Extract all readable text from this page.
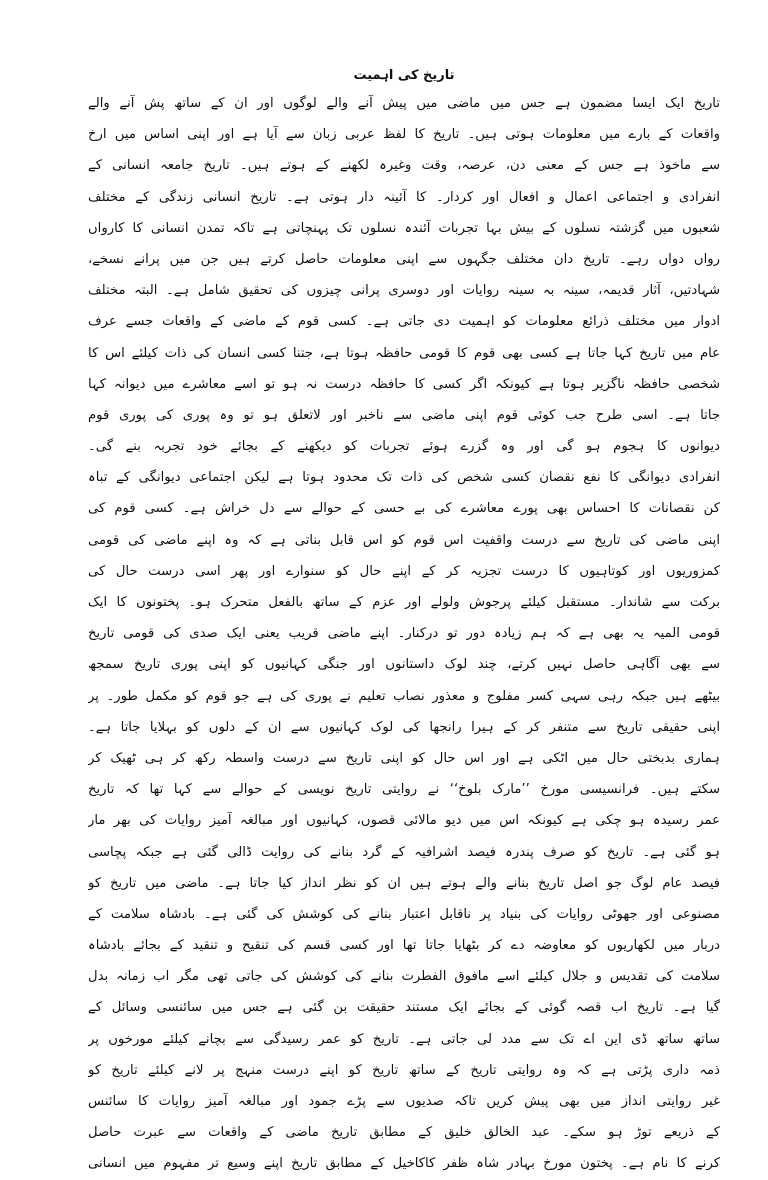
تاریخ کی اہمیت
تاریخ ایک ایسا مضمون ہے جس میں ماضی میں پیش آنے والے لوگوں اور ان کے ساتھ پش آنے والے
واقعات کے بارے میں معلومات ہوتی ہیں۔ تاریخ کا لفظ عربی زبان سے آیا ہے اور اپنی اساس میں ارخ
سے ماخوذ ہے جس کے معنی دن، عرصہ، وقت وغیرہ لکھنے کے ہوتے ہیں۔ تاریخ جامعہ انسانی کے
انفرادی و اجتماعی اعمال و افعال اور کردار۔ کا آئینہ دار ہوتی ہے۔ تاریخ انسانی زندگی کے مختلف
شعبوں میں گزشتہ نسلوں کے بیش بہا تجربات آئندہ نسلوں تک پہنچاتی ہے تاکہ تمدن انسانی کا کارواں
رواں دواں رہے۔ تاریخ دان مختلف جگہوں سے اپنی معلومات حاصل کرتے ہیں جن میں پرانے نسخے،
شہادتیں، آثار قدیمہ، سینہ بہ سینہ روایات اور دوسری پرانی چیزوں کی تحقیق شامل ہے۔ البتہ مختلف
ادوار میں مختلف ذرائع معلومات کو اہمیت دی جاتی ہے۔ کسی قوم کے ماضی کے واقعات جسے عرف
عام میں تاریخ کہا جاتا ہے کسی بھی قوم کا قومی حافظہ ہوتا ہے، جتنا کسی انسان کی ذات کیلئے اس کا
شخصی حافظہ ناگزیر ہوتا ہے کیونکہ اگر کسی کا حافظہ درست نہ ہو تو اسے معاشرے میں دیوانہ کہا
جاتا ہے۔ اسی طرح جب کوئی قوم اپنی ماضی سے ناخبر اور لاتعلق ہو تو وہ پوری کی پوری قوم
دیوانوں کا ہجوم ہو گی اور وہ گزرے ہوئے تجربات کو دیکھنے کے بجائے خود تجربہ بنے گی۔
انفرادی دیوانگی کا نفع نقصان کسی شخص کی ذات تک محدود ہوتا ہے لیکن اجتماعی دیوانگی کے تباہ
کن نقصانات کا احساس بھی پورے معاشرے کی بے حسی کے حوالے سے دل خراش ہے۔ کسی قوم کی
اپنی ماضی کی تاریخ سے درست واقفیت اس قوم کو اس قابل بناتی ہے کہ وہ اپنے ماضی کی قومی
کمزوریوں اور کوتاہیوں کا درست تجزیہ کر کے اپنے حال کو سنوارے اور پھر اسی درست حال کی
برکت سے شاندار۔ مستقبل کیلئے پرجوش ولولے اور عزم کے ساتھ بالفعل متحرک ہو۔ پختونوں کا ایک
قومی المیہ یہ بھی ہے کہ ہم زیادہ دور تو درکنار۔ اپنے ماضی قریب یعنی ایک صدی کی قومی تاریخ
سے بھی آگاہی حاصل نہیں کرتے، چند لوک داستانوں اور جنگی کہانیوں کو اپنی پوری تاریخ سمجھ
بیٹھے ہیں جبکہ رہی سہی کسر مفلوج و معذور نصاب تعلیم نے پوری کی ہے جو قوم کو مکمل طور۔ پر
اپنی حقیقی تاریخ سے متنفر کر کے ہیرا رانجھا کی لوک کہانیوں سے ان کے دلوں کو بہلایا جاتا ہے۔
ہماری بدبختی حال میں اٹکی ہے اور اس حال کو اپنی تاریخ سے درست واسطہ رکھ کر ہی ٹھیک کر
سکتے ہیں۔ فرانسیسی مورخ ’’مارک بلوخ‘‘ نے روایتی تاریخ نویسی کے حوالے سے کہا تھا کہ تاریخ
عمر رسیدہ ہو چکی ہے کیونکہ اس میں دیو مالائی قصوں، کہانیوں اور مبالغہ آمیز روایات کی بھر مار
ہو گئی ہے۔ تاریخ کو صرف پندرہ فیصد اشرافیہ کے گرد بنانے کی روایت ڈالی گئی ہے جبکہ پچاسی
فیصد عام لوگ جو اصل تاریخ بنانے والے ہوتے ہیں ان کو نظر انداز کیا جاتا ہے۔ ماضی میں تاریخ کو
مصنوعی اور جھوٹی روایات کی بنیاد پر ناقابل اعتبار بنانے کی کوشش کی گئی ہے۔ بادشاہ سلامت کے
دربار میں لکھاریوں کو معاوضہ دے کر بٹھایا جاتا تھا اور کسی قسم کی تنقیح و تنقید کے بجائے بادشاہ
سلامت کی تقدیس و جلال کیلئے اسے مافوق الفطرت بنانے کی کوشش کی جاتی تھی مگر اب زمانہ بدل
گیا ہے۔ تاریخ اب قصہ گوئی کے بجائے ایک مستند حقیقت بن گئی ہے جس میں سائنسی وسائل کے
ساتھ ساتھ ڈی این اے تک سے مدد لی جاتی ہے۔ تاریخ کو عمر رسیدگی سے بچانے کیلئے مورخوں پر
ذمہ داری پڑتی ہے کہ وہ روایتی تاریخ کے ساتھ تاریخ کو اپنے درست منہج پر لانے کیلئے تاریخ کو
غیر روایتی انداز میں بھی پیش کریں تاکہ صدیوں سے پڑے جمود اور مبالغہ آمیز روایات کا سائنس
کے ذریعے توڑ ہو سکے۔ عبد الخالق خلیق کے مطابق تاریخ ماضی کے واقعات سے عبرت حاصل
کرنے کا نام ہے۔ پختون مورخ بہادر شاہ ظفر کاکاخیل کے مطابق تاریخ اپنے وسیع تر مفہوم میں انسانی
